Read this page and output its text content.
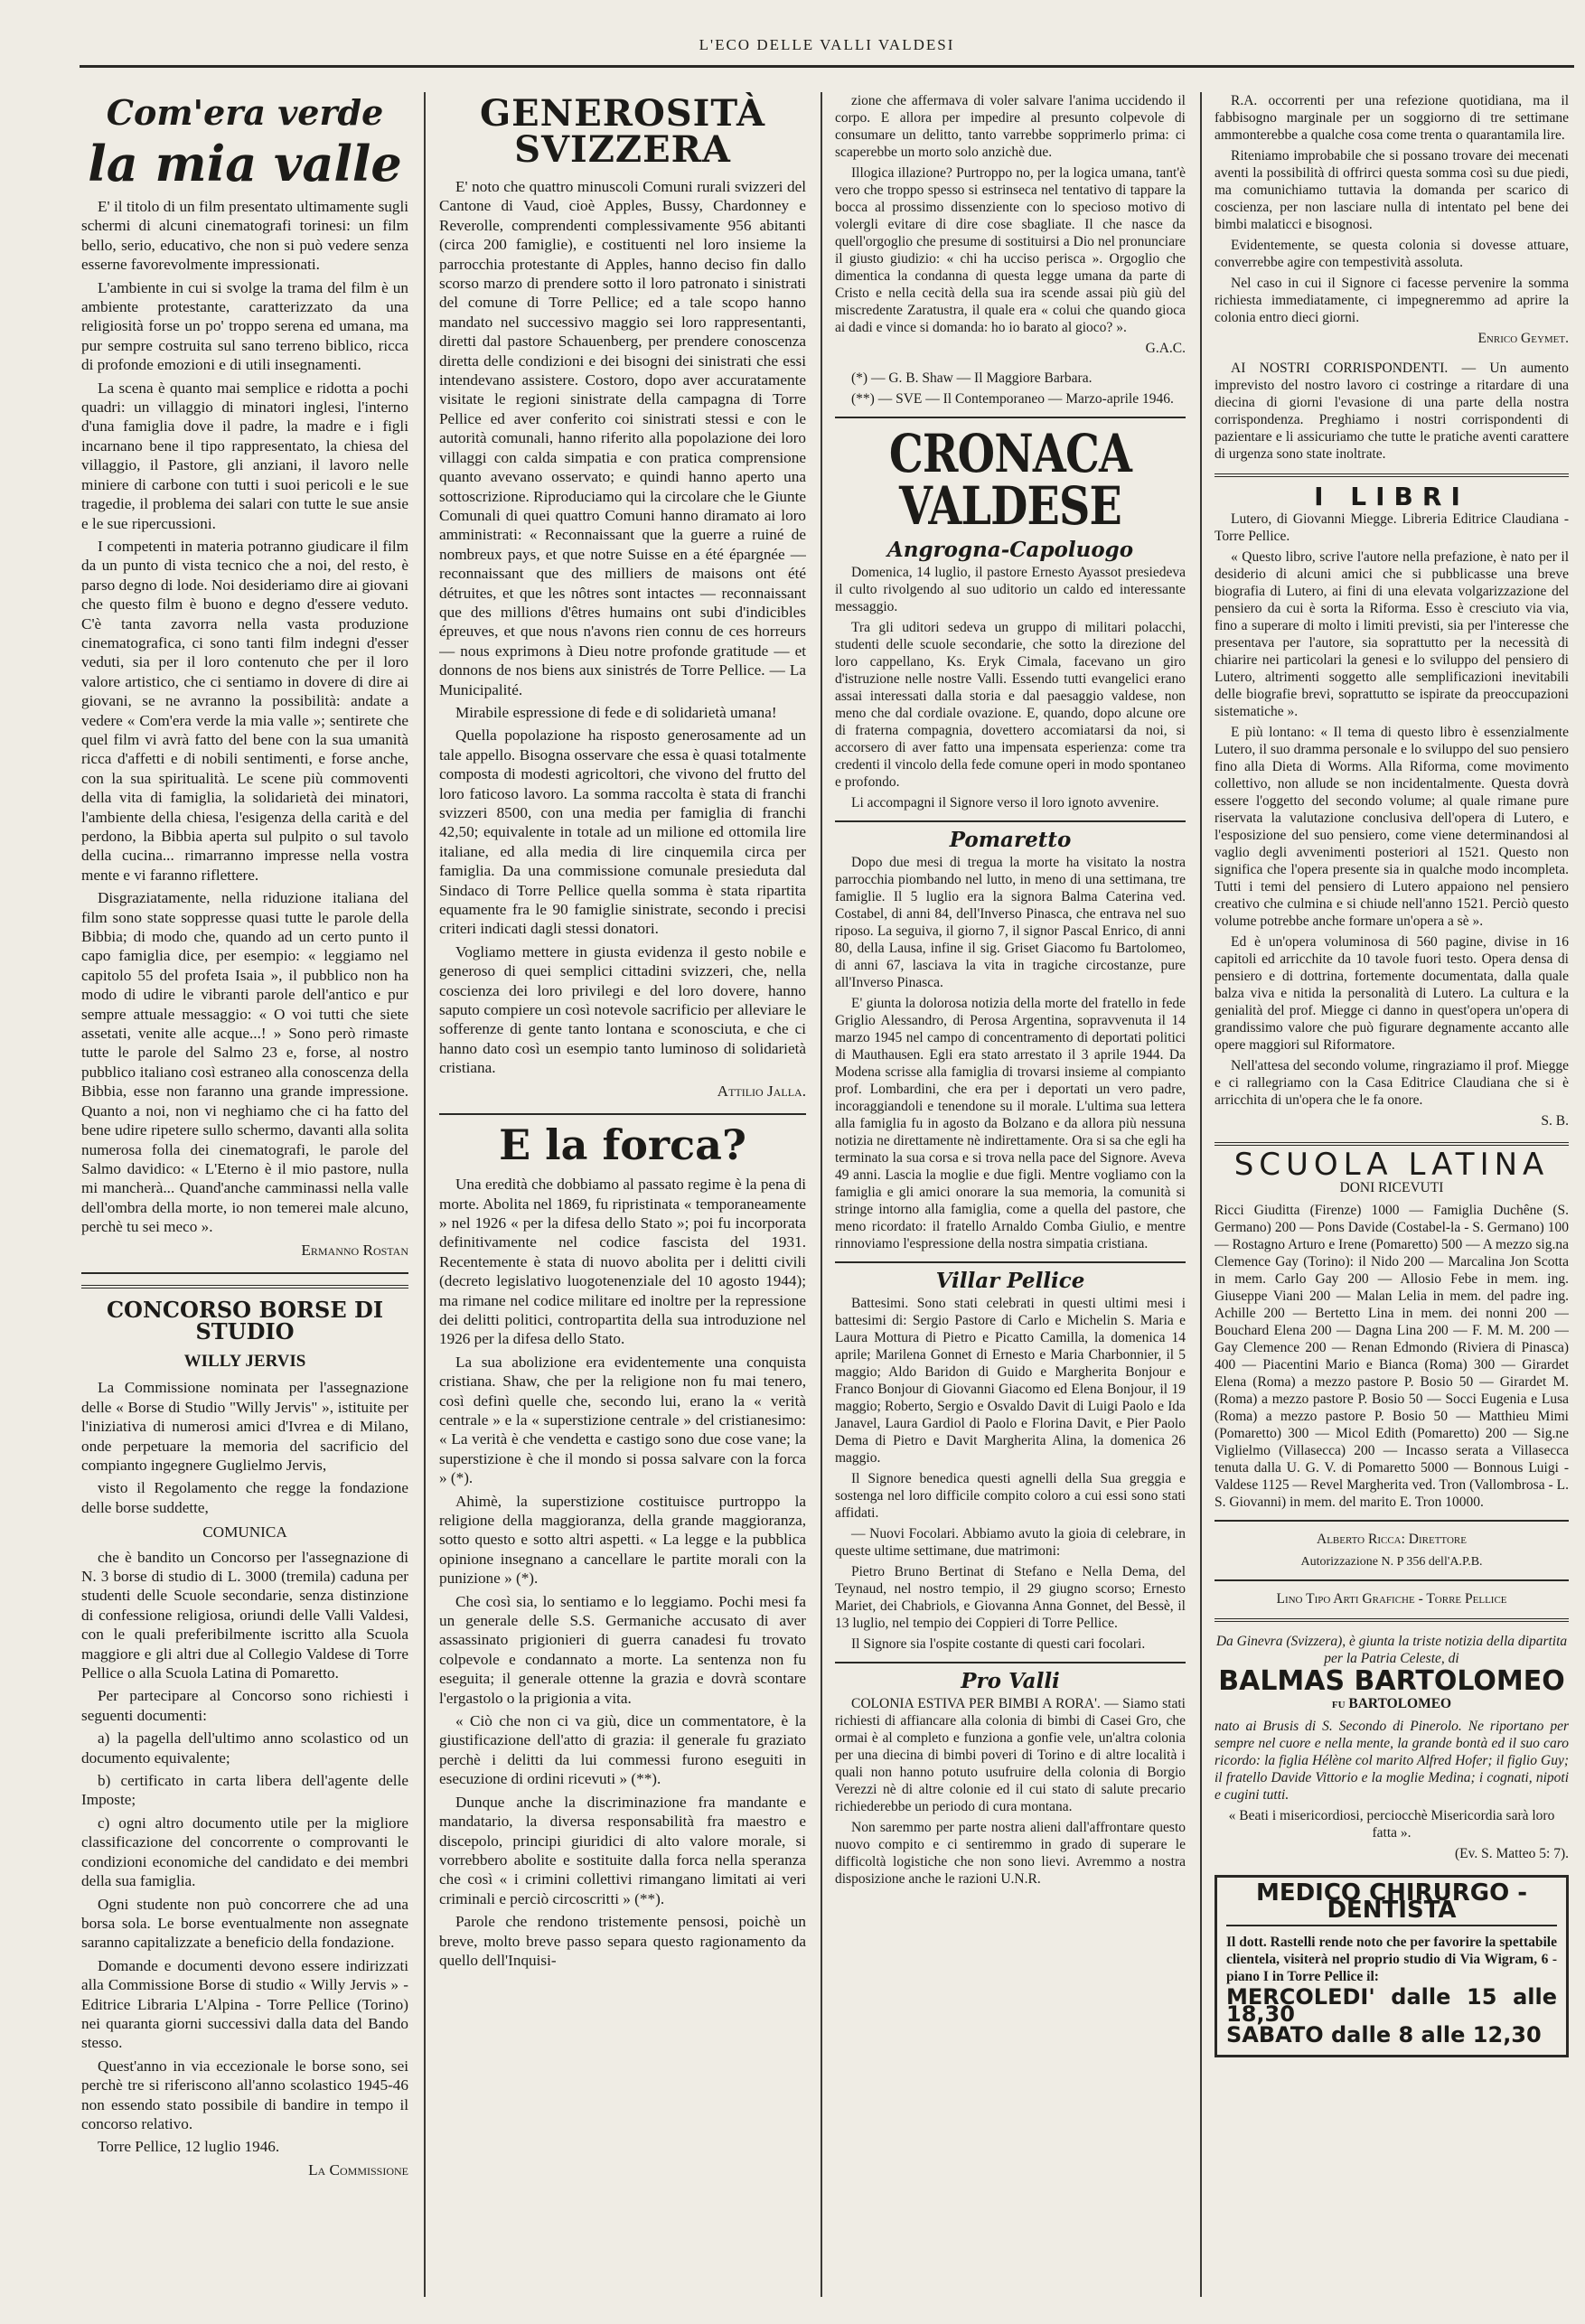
L'ECO DELLE VALLI VALDESI
Com'era verde
la mia valle

E' il titolo di un film presentato ultimamente sugli schermi di alcuni cinematografi torinesi: un film bello, serio, educativo, che non si può vedere senza esserne favorevolmente impressionati.

L'ambiente in cui si svolge la trama del film è un ambiente protestante, caratterizzato da una religiosità forse un po' troppo serena ed umana, ma pur sempre costruita sul sano terreno biblico, ricca di profonde emozioni e di utili insegnamenti.

La scena è quanto mai semplice e ridotta a pochi quadri: un villaggio di minatori inglesi, l'interno d'una famiglia dove il padre, la madre e i figli incarnano bene il tipo rappresentato, la chiesa del villaggio, il Pastore, gli anziani, il lavoro nelle miniere di carbone con tutti i suoi pericoli e le sue tragedie, il problema dei salari con tutte le sue ansie e le sue ripercussioni.

I competenti in materia potranno giudicare il film da un punto di vista tecnico che a noi, del resto, è parso degno di lode. Noi desideriamo dire ai giovani che questo film è buono e degno d'essere veduto. C'è tanta zavorra nella vasta produzione cinematografica, ci sono tanti film indegni d'esser veduti, sia per il loro contenuto che per il loro valore artistico, che ci sentiamo in dovere di dire ai giovani, se ne avranno la possibilità: andate a vedere « Com'era verde la mia valle »; sentirete che quel film vi avrà fatto del bene con la sua umanità ricca d'affetti e di nobili sentimenti, e forse anche, con la sua spiritualità. Le scene più commoventi della vita di famiglia, la solidarietà dei minatori, l'ambiente della chiesa, l'esigenza della carità e del perdono, la Bibbia aperta sul pulpito o sul tavolo della cucina... rimarranno impresse nella vostra mente e vi faranno riflettere.

Disgraziatamente, nella riduzione italiana del film sono state soppresse quasi tutte le parole della Bibbia; di modo che, quando ad un certo punto il capo famiglia dice, per esempio: « leggiamo nel capitolo 55 del profeta Isaia », il pubblico non ha modo di udire le vibranti parole dell'antico e pur sempre attuale messaggio: « O voi tutti che siete assetati, venite alle acque...! » Sono però rimaste tutte le parole del Salmo 23 e, forse, al nostro pubblico italiano così estraneo alla conoscenza della Bibbia, esse non faranno una grande impressione. Quanto a noi, non vi neghiamo che ci ha fatto del bene udire ripetere sullo schermo, davanti alla solita numerosa folla dei cinematografi, le parole del Salmo davidico: « L'Eterno è il mio pastore, nulla mi mancherà... Quand'anche camminassi nella valle dell'ombra della morte, io non temerei male alcuno, perchè tu sei meco ».

Ermanno Rostan
CONCORSO BORSE DI STUDIO
WILLY JERVIS

La Commissione nominata per l'assegnazione delle « Borse di Studio "Willy Jervis" », istituite per l'iniziativa di numerosi amici d'Ivrea e di Milano, onde perpetuare la memoria del sacrificio del compianto ingegnere Guglielmo Jervis,

visto il Regolamento che regge la fondazione delle borse suddette,

COMUNICA

che è bandito un Concorso per l'assegnazione di N. 3 borse di studio di L. 3000 (tremila) caduna per studenti delle Scuole secondarie, senza distinzione di confessione religiosa, oriundi delle Valli Valdesi, con le quali preferibilmente iscritto alla Scuola maggiore e gli altri due al Collegio Valdese di Torre Pellice o alla Scuola Latina di Pomaretto.

Per partecipare al Concorso sono richiesti i seguenti documenti:

a) la pagella dell'ultimo anno scolastico od un documento equivalente;

b) certificato in carta libera dell'agente delle Imposte;

c) ogni altro documento utile per la migliore classificazione del concorrente o comprovanti le condizioni economiche del candidato e dei membri della sua famiglia.

Ogni studente non può concorrere che ad una borsa sola. Le borse eventualmente non assegnate saranno capitalizzate a beneficio della fondazione.

Domande e documenti devono essere indirizzati alla Commissione Borse di studio « Willy Jervis » - Editrice Libraria L'Alpina - Torre Pellice (Torino) nei quaranta giorni successivi dalla data del Bando stesso.

Quest'anno in via eccezionale le borse sono, sei perchè tre si riferiscono all'anno scolastico 1945-46 non essendo stato possibile di bandire in tempo il concorso relativo.

Torre Pellice, 12 luglio 1946.

La Commissione
GENEROSITÀ SVIZZERA

E' noto che quattro minuscoli Comuni rurali svizzeri del Cantone di Vaud, cioè Apples, Bussy, Chardonney e Reverolle, comprendenti complessivamente 956 abitanti (circa 200 famiglie), e costituenti nel loro insieme la parrocchia protestante di Apples, hanno deciso fin dallo scorso marzo di prendere sotto il loro patronato i sinistrati del comune di Torre Pellice; ed a tale scopo hanno mandato nel successivo maggio sei loro rappresentanti, diretti dal pastore Schauenberg, per prendere conoscenza diretta delle condizioni e dei bisogni dei sinistrati che essi intendevano assistere. Costoro, dopo aver accuratamente visitate le regioni sinistrate della campagna di Torre Pellice ed aver conferito coi sinistrati stessi e con le autorità comunali, hanno riferito alla popolazione dei loro villaggi con calda simpatia e con pratica comprensione quanto avevano osservato; e quindi hanno aperto una sottoscrizione. Riproduciamo qui la circolare che le Giunte Comunali di quei quattro Comuni hanno diramato ai loro amministrati: « Reconnaissant que la guerre a ruiné de nombreux pays, et que notre Suisse en a été épargnée — reconnaissant que des milliers de maisons ont été détruites, et que les nôtres sont intactes — reconnaissant que des millions d'êtres humains ont subi d'indicibles épreuves, et que nous n'avons rien connu de ces horreurs — nous exprimons à Dieu notre profonde gratitude — et donnons de nos biens aux sinistrés de Torre Pellice. — La Municipalité.

Mirabile espressione di fede e di solidarietà umana!

Quella popolazione ha risposto generosamente ad un tale appello. Bisogna osservare che essa è quasi totalmente composta di modesti agricoltori, che vivono del frutto del loro faticoso lavoro. La somma raccolta è stata di franchi svizzeri 8500, con una media per famiglia di franchi 42,50; equivalente in totale ad un milione ed ottomila lire italiane, ed alla media di lire cinquemila circa per famiglia. Da una commissione comunale presieduta dal Sindaco di Torre Pellice quella somma è stata ripartita equamente fra le 90 famiglie sinistrate, secondo i precisi criteri indicati dagli stessi donatori.

Vogliamo mettere in giusta evidenza il gesto nobile e generoso di quei semplici cittadini svizzeri, che, nella coscienza dei loro privilegi e del loro dovere, hanno saputo compiere un così notevole sacrificio per alleviare le sofferenze di gente tanto lontana e sconosciuta, e che ci hanno dato così un esempio tanto luminoso di solidarietà cristiana.

Attilio Jalla.
E la forca?

Una eredità che dobbiamo al passato regime è la pena di morte. Abolita nel 1869, fu ripristinata « temporaneamente » nel 1926 « per la difesa dello Stato »; poi fu incorporata definitivamente nel codice fascista del 1931. Recentemente è stata di nuovo abolita per i delitti civili (decreto legislativo luogotenenziale del 10 agosto 1944); ma rimane nel codice militare ed inoltre per la repressione dei delitti politici, contropartita della sua introduzione nel 1926 per la difesa dello Stato.

La sua abolizione era evidentemente una conquista cristiana. Shaw, che per la religione non fu mai tenero, così definì quelle che, secondo lui, erano la « verità centrale » e la « superstizione centrale » del cristianesimo: « La verità è che vendetta e castigo sono due cose vane; la superstizione è che il mondo si possa salvare con la forca » (*).

Ahimè, la superstizione costituisce purtroppo la religione della maggioranza, della grande maggioranza, sotto questo e sotto altri aspetti. « La legge e la pubblica opinione insegnano a cancellare le partite morali con la punizione » (*).

Che così sia, lo sentiamo e lo leggiamo. Pochi mesi fa un generale delle S.S. Germaniche accusato di aver assassinato prigionieri di guerra canadesi fu trovato colpevole e condannato a morte. La sentenza non fu eseguita; il generale ottenne la grazia e dovrà scontare l'ergastolo o la prigionia a vita.

« Ciò che non ci va giù, dice un commentatore, è la giustificazione dell'atto di grazia: il generale fu graziato perchè i delitti da lui commessi furono eseguiti in esecuzione di ordini ricevuti » (**).

Dunque anche la discriminazione fra mandante e mandatario, la diversa responsabilità fra maestro e discepolo, principi giuridici di alto valore morale, si vorrebbero abolite e sostituite dalla forca nella speranza che così « i crimini collettivi rimangano limitati ai veri criminali e perciò circoscritti » (**).

Parole che rendono tristemente pensosi, poichè un breve, molto breve passo separa questo ragionamento da quello dell'Inquisi-

zione che affermava di voler salvare l'anima uccidendo il corpo. E allora per impedire al presunto colpevole di consumare un delitto, tanto varrebbe sopprimerlo prima: ci scaperebbe un morto solo anzichè due.

Illogica illazione? Purtroppo no, per la logica umana, tant'è vero che troppo spesso si estrinseca nel tentativo di tappare la bocca al prossimo dissenziente con lo specioso motivo di volergli evitare di dire cose sbagliate. Il che nasce da quell'orgoglio che presume di sostituirsi a Dio nel pronunciare il giusto giudizio: « chi ha ucciso perisca ». Orgoglio che dimentica la condanna di questa legge umana da parte di Cristo e nella cecità della sua ira scende assai più giù del miscredente Zaratustra, il quale era « colui che quando gioca ai dadi e vince si domanda: ho io barato al gioco? ».

G.A.C.

(*) — G. B. Shaw — Il Maggiore Barbara.

(**) — SVE — Il Contemporaneo — Marzo-aprile 1946.

CRONACA VALDESE
Angrogna-Capoluogo

Domenica, 14 luglio, il pastore Ernesto Ayassot presiedeva il culto rivolgendo al suo uditorio un caldo ed interessante messaggio.

Tra gli uditori sedeva un gruppo di militari polacchi, studenti delle scuole secondarie, che sotto la direzione del loro cappellano, Ks. Eryk Cimala, facevano un giro d'istruzione nelle nostre Valli. Essendo tutti evangelici erano assai interessati dalla storia e dal paesaggio valdese, non meno che dal cordiale ovazione. E, quando, dopo alcune ore di fraterna compagnia, dovettero accomiatarsi da noi, si accorsero di aver fatto una impensata esperienza: come tra credenti il vincolo della fede comune operi in modo spontaneo e profondo.

Li accompagni il Signore verso il loro ignoto avvenire.

Pomaretto

Dopo due mesi di tregua la morte ha visitato la nostra parrocchia piombando nel lutto, in meno di una settimana, tre famiglie. Il 5 luglio era la signora Balma Caterina ved. Costabel, di anni 84, dell'Inverso Pinasca, che entrava nel suo riposo. La seguiva, il giorno 7, il signor Pascal Enrico, di anni 80, della Lausa, infine il sig. Griset Giacomo fu Bartolomeo, di anni 67, lasciava la vita in tragiche circostanze, pure all'Inverso Pinasca.

E' giunta la dolorosa notizia della morte del fratello in fede Griglio Alessandro, di Perosa Argentina, sopravvenuta il 14 marzo 1945 nel campo di concentramento di deportati politici di Mauthausen. Egli era stato arrestato il 3 aprile 1944. Da Modena scrisse alla famiglia di trovarsi insieme al compianto prof. Lombardini, che era per i deportati un vero padre, incoraggiandoli e tenendone su il morale. L'ultima sua lettera alla famiglia fu in agosto da Bolzano e da allora più nessuna notizia ne direttamente nè indirettamente. Ora si sa che egli ha terminato la sua corsa e si trova nella pace del Signore. Aveva 49 anni. Lascia la moglie e due figli. Mentre vogliamo con la famiglia e gli amici onorare la sua memoria, la comunità si stringe intorno alla famiglia, come a quella del pastore, che meno ricordato: il fratello Arnaldo Comba Giulio, e mentre rinnoviamo l'espressione della nostra simpatia cristiana.

Villar Pellice

Battesimi. Sono stati celebrati in questi ultimi mesi i battesimi di: Sergio Pastore di Carlo e Michelin S. Maria e Laura Mottura di Pietro e Picatto Camilla, la domenica 14 aprile; Marilena Gonnet di Ernesto e Maria Charbonnier, il 5 maggio; Aldo Baridon di Guido e Margherita Bonjour e Franco Bonjour di Giovanni Giacomo ed Elena Bonjour, il 19 maggio; Roberto, Sergio e Osvaldo Davit di Luigi Paolo e Ida Janavel, Laura Gardiol di Paolo e Florina Davit, e Pier Paolo Dema di Pietro e Davit Margherita Alina, la domenica 26 maggio.

Il Signore benedica questi agnelli della Sua greggia e sostenga nel loro difficile compito coloro a cui essi sono stati affidati.

— Nuovi Focolari. Abbiamo avuto la gioia di celebrare, in queste ultime settimane, due matrimoni:

Pietro Bruno Bertinat di Stefano e Nella Dema, del Teynaud, nel nostro tempio, il 29 giugno scorso; Ernesto Mariet, dei Chabriols, e Giovanna Anna Gonnet, del Bessè, il 13 luglio, nel tempio dei Coppieri di Torre Pellice.

Il Signore sia l'ospite costante di questi cari focolari.

Pro Valli

COLONIA ESTIVA PER BIMBI A RORA'. — Siamo stati richiesti di affiancare alla colonia di bimbi di Casei Gro, che ormai è al completo e funziona a gonfie vele, un'altra colonia per una diecina di bimbi poveri di Torino e di altre località i quali non hanno potuto usufruire della colonia di Borgio Verezzi nè di altre colonie ed il cui stato di salute precario richiederebbe un periodo di cura montana.

Non saremmo per parte nostra alieni dall'affrontare questo nuovo compito e ci sentiremmo in grado di superare le difficoltà logistiche che non sono lievi. Avremmo a nostra disposizione anche le razioni U.N.R.

R.A. occorrenti per una refezione quotidiana, ma il fabbisogno marginale per un soggiorno di tre settimane ammonterebbe a qualche cosa come trenta o quarantamila lire.

Riteniamo improbabile che si possano trovare dei mecenati aventi la possibilità di offrirci questa somma così su due piedi, ma comunichiamo tuttavia la domanda per scarico di coscienza, per non lasciare nulla di intentato pel bene dei bimbi malaticci e bisognosi.

Evidentemente, se questa colonia si dovesse attuare, converrebbe agire con tempestività assoluta.

Nel caso in cui il Signore ci facesse pervenire la somma richiesta immediatamente, ci impegneremmo ad aprire la colonia entro dieci giorni.

Enrico Geymet.

AI NOSTRI CORRISPONDENTI. — Un aumento imprevisto del nostro lavoro ci costringe a ritardare di una diecina di giorni l'evasione di una parte della nostra corrispondenza. Preghiamo i nostri corrispondenti di pazientare e li assicuriamo che tutte le pratiche aventi carattere di urgenza sono state inoltrate.

I LIBRI

Lutero, di Giovanni Miegge. Libreria Editrice Claudiana - Torre Pellice.

« Questo libro, scrive l'autore nella prefazione, è nato per il desiderio di alcuni amici che si pubblicasse una breve biografia di Lutero, ai fini di una elevata volgarizzazione del pensiero da cui è sorta la Riforma. Esso è cresciuto via via, fino a superare di molto i limiti previsti, sia per l'interesse che presentava per l'autore, sia soprattutto per la necessità di chiarire nei particolari la genesi e lo sviluppo del pensiero di Lutero, altrimenti soggetto alle semplificazioni inevitabili delle biografie brevi, soprattutto se ispirate da preoccupazioni sistematiche ».

E più lontano: « Il tema di questo libro è essenzialmente Lutero, il suo dramma personale e lo sviluppo del suo pensiero fino alla Dieta di Worms. Alla Riforma, come movimento collettivo, non allude se non incidentalmente. Questa dovrà essere l'oggetto del secondo volume; al quale rimane pure riservata la valutazione conclusiva dell'opera di Lutero, e l'esposizione del suo pensiero, come viene determinandosi al vaglio degli avvenimenti posteriori al 1521. Questo non significa che l'opera presente sia in qualche modo incompleta. Tutti i temi del pensiero di Lutero appaiono nel pensiero creativo che culmina e si chiude nell'anno 1521. Perciò questo volume potrebbe anche formare un'opera a sè ».

Ed è un'opera voluminosa di 560 pagine, divise in 16 capitoli ed arricchite da 10 tavole fuori testo. Opera densa di pensiero e di dottrina, fortemente documentata, dalla quale balza viva e nitida la personalità di Lutero. La cultura e la genialità del prof. Miegge ci danno in quest'opera un'opera di grandissimo valore che può figurare degnamente accanto alle opere maggiori sul Riformatore.

Nell'attesa del secondo volume, ringraziamo il prof. Miegge e ci rallegriamo con la Casa Editrice Claudiana che si è arricchita di un'opera che le fa onore.

S. B.
SCUOLA LATINA
DONI RICEVUTI

Ricci Giuditta (Firenze) 1000 — Famiglia Duchêne (S. Germano) 200 — Pons Davide (Costabel-la - S. Germano) 100 — Rostagno Arturo e Irene (Pomaretto) 500 — A mezzo sig.na Clemence Gay (Torino): il Nido 200 — Marcalina Jon Scotta in mem. Carlo Gay 200 — Allosio Febe in mem. ing. Giuseppe Viani 200 — Malan Lelia in mem. del padre ing. Achille 200 — Bertetto Lina in mem. dei nonni 200 — Bouchard Elena 200 — Dagna Lina 200 — F. M. M. 200 — Gay Clemence 200 — Renan Edmondo (Riviera di Pinasca) 400 — Piacentini Mario e Bianca (Roma) 300 — Girardet Elena (Roma) a mezzo pastore P. Bosio 50 — Girardet M. (Roma) a mezzo pastore P. Bosio 50 — Socci Eugenia e Lusa (Roma) a mezzo pastore P. Bosio 50 — Matthieu Mimi (Pomaretto) 300 — Micol Edith (Pomaretto) 200 — Sig.ne Viglielmo (Villasecca) 200 — Incasso serata a Villasecca tenuta dalla U. G. V. di Pomaretto 5000 — Bonnous Luigi - Valdese 1125 — Revel Margherita ved. Tron (Vallombrosa - L. S. Giovanni) in mem. del marito E. Tron 10000.

Alberto Ricca: Direttore
Autorizzazione N. P 356 dell'A.P.B.
Lino Tipo Arti Grafiche - Torre Pellice

Da Ginevra (Svizzera), è giunta la triste notizia della dipartita per la Patria Celeste, di

BALMAS BARTOLOMEO
fu BARTOLOMEO

nato ai Brusis di S. Secondo di Pinerolo. Ne riportano per sempre nel cuore e nella mente, la grande bontà ed il suo caro ricordo: la figlia Hélène col marito Alfred Hofer; il figlio Guy; il fratello Davide Vittorio e la moglie Medina; i cognati, nipoti e cugini tutti.

« Beati i misericordiosi, perciocchè Misericordia sarà loro fatta ».
(Ev. S. Matteo 5: 7).
MEDICO CHIRURGO - DENTISTA

Il dott. Rastelli rende noto che per favorire la spettabile clientela, visiterà nel proprio studio di Via Wigram, 6 - piano I in Torre Pellice il:

MERCOLEDI' dalle 15 alle 18,30
SABATO dalle 8 alle 12,30
